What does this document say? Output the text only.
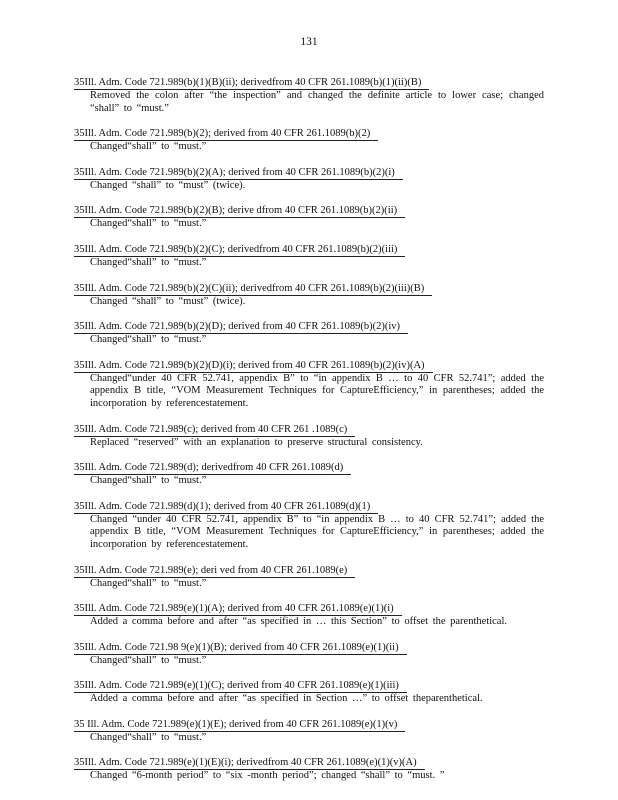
131
35Ill. Adm. Code 721.989(b)(1)(B)(ii); derivedfrom 40 CFR 261.1089(b)(1)(ii)(B)
Removed the colon after “the inspection” and changed the definite article to lower case; changed “shall” to “must.”
35Ill. Adm. Code 721.989(b)(2); derived from 40 CFR 261.1089(b)(2)
Changed“shall” to “must.”
35Ill. Adm. Code 721.989(b)(2)(A); derived from 40 CFR 261.1089(b)(2)(i)
Changed “shall” to “must” (twice).
35Ill. Adm. Code 721.989(b)(2)(B); derive dfrom 40 CFR 261.1089(b)(2)(ii)
Changed“shall” to “must.”
35Ill. Adm. Code 721.989(b)(2)(C); derivedfrom 40 CFR 261.1089(b)(2)(iii)
Changed“shall” to “must.”
35Ill. Adm. Code 721.989(b)(2)(C)(ii); derivedfrom 40 CFR 261.1089(b)(2)(iii)(B)
Changed “shall” to “must” (twice).
35Ill. Adm. Code 721.989(b)(2)(D); derived from 40 CFR 261.1089(b)(2)(iv)
Changed“shall” to “must.”
35Ill. Adm. Code 721.989(b)(2)(D)(i); derived from 40 CFR 261.1089(b)(2)(iv)(A)
Changed“under 40 CFR 52.741, appendix B” to “in appendix B … to 40 CFR 52.741”; added the appendix B title, “VOM Measurement Techniques for CaptureEfficiency,” in parentheses; added the incorporation by referencestatement.
35Ill. Adm. Code 721.989(c); derived from 40 CFR 261 .1089(c)
Replaced “reserved” with an explanation to preserve structural consistency.
35Ill. Adm. Code 721.989(d); derivedfrom 40 CFR 261.1089(d)
Changed“shall” to “must.”
35Ill. Adm. Code 721.989(d)(1); derived from 40 CFR 261.1089(d)(1)
Changed “under 40 CFR 52.741, appendix B” to “in appendix B … to 40 CFR 52.741”; added the appendix B title, “VOM Measurement Techniques for CaptureEfficiency,” in parentheses; added the incorporation by referencestatement.
35Ill. Adm. Code 721.989(e); deri ved from 40 CFR 261.1089(e)
Changed“shall” to “must.”
35Ill. Adm. Code 721.989(e)(1)(A); derived from 40 CFR 261.1089(e)(1)(i)
Added a comma before and after “as specified in … this Section” to offset the parenthetical.
35Ill. Adm. Code 721.98 9(e)(1)(B); derived from 40 CFR 261.1089(e)(1)(ii)
Changed“shall” to “must.”
35Ill. Adm. Code 721.989(e)(1)(C); derived from 40 CFR 261.1089(e)(1)(iii)
Added a comma before and after “as specified in Section …” to offset theparenthetical.
35 Ill. Adm. Code 721.989(e)(1)(E); derived from 40 CFR 261.1089(e)(1)(v)
Changed“shall” to “must.”
35Ill. Adm. Code 721.989(e)(1)(E)(i); derivedfrom 40 CFR 261.1089(e)(1)(v)(A)
Changed “6-month period” to “six -month period”; changed “shall” to “must. ”
